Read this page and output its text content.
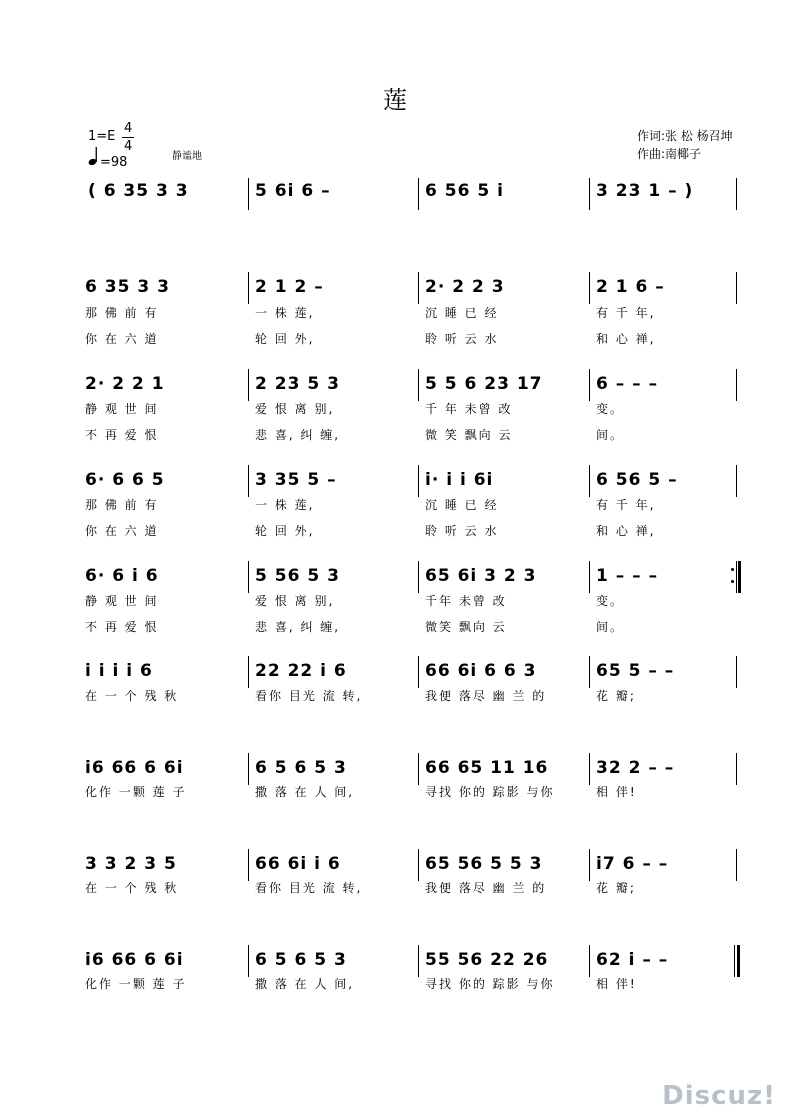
莲
1=E
4
4
=98	静谧地
作词:张 松 杨召坤
作曲:南椰子
( 6 35 3 3	5 6i 6 –	6 56 5 i	3 23 1 – )
6 35 3 3	2 1 2 –	2· 2 2 3	2 1 6 –
那 佛 前 有	一 株 莲,	沉 睡 已 经	有 千 年,
你 在 六 道	轮 回 外,	聆 听 云 水	和 心 禅,
2· 2 2 1	2 23 5 3	5 5 6 23 17	6 – – –
静 观 世 间	爱 恨 离 别,	千 年 未曾 改	变。
不 再 爱 恨	悲 喜, 纠 缠,	微 笑 飘向 云	间。
6· 6 6 5	3 35 5 –	i· i i 6i	6 56 5 –
那 佛 前 有	一 株 莲,	沉 睡 已 经	有 千 年,
你 在 六 道	轮 回 外,	聆 听 云 水	和 心 禅,
6· 6 i 6	5 56 5 3	65 6i 3 2 3	1 – – –
静 观 世 间	爱 恨 离 别,	千年 未曾 改	变。
不 再 爱 恨	悲 喜, 纠 缠,	微笑 飘向 云	间。
i i i i 6	22 22 i 6	66 6i 6 6 3	65 5 – –
在 一 个 残 秋	看你 目光 流 转,	我便 落尽 幽 兰 的	花 瓣;
i6 66 6 6i	6 5 6 5 3	66 65 11 16	32 2 – –
化作 一颗 莲 子	撒 落 在 人 间,	寻找 你的 踪影 与你	相 伴!
3 3 2 3 5	66 6i i 6	65 56 5 5 3	i7 6 – –
在 一 个 残 秋	看你 目光 流 转,	我便 落尽 幽 兰 的	花 瓣;
i6 66 6 6i	6 5 6 5 3	55 56 22 26	62 i – –
化作 一颗 莲 子	撒 落 在 人 间,	寻找 你的 踪影 与你	相 伴!
Discuz!
